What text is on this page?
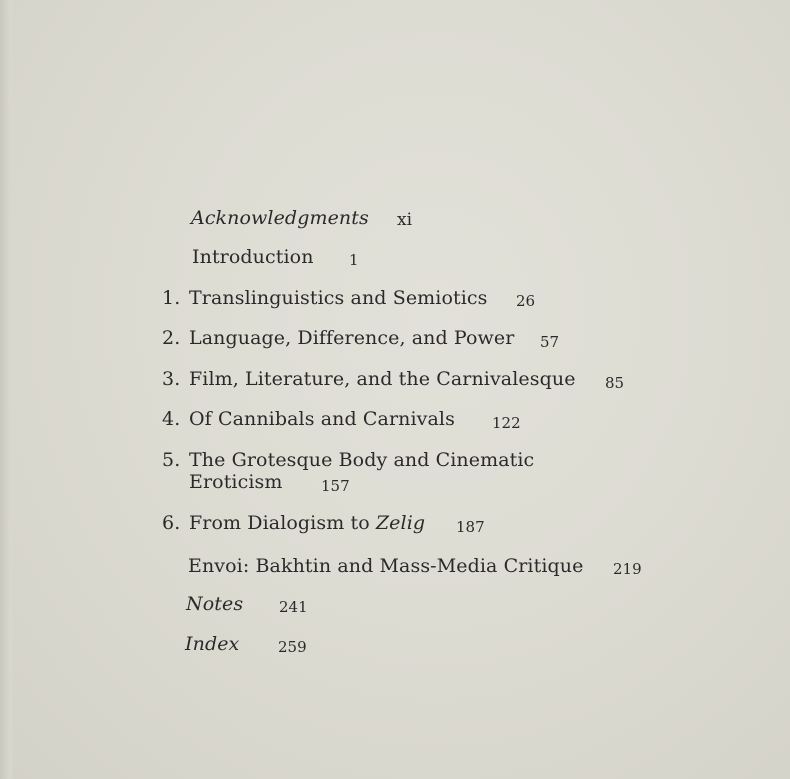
Acknowledgments xi
Introduction 1
1. Translinguistics and Semiotics 26
2. Language, Difference, and Power 57
3. Film, Literature, and the Carnivalesque 85
4. Of Cannibals and Carnivals 122
5. The Grotesque Body and Cinematic
Eroticism	157
6. From Dialogism to Zelig 187
Envoi: Bakhtin and Mass-Media Critique 219
Notes 241
Index	259
